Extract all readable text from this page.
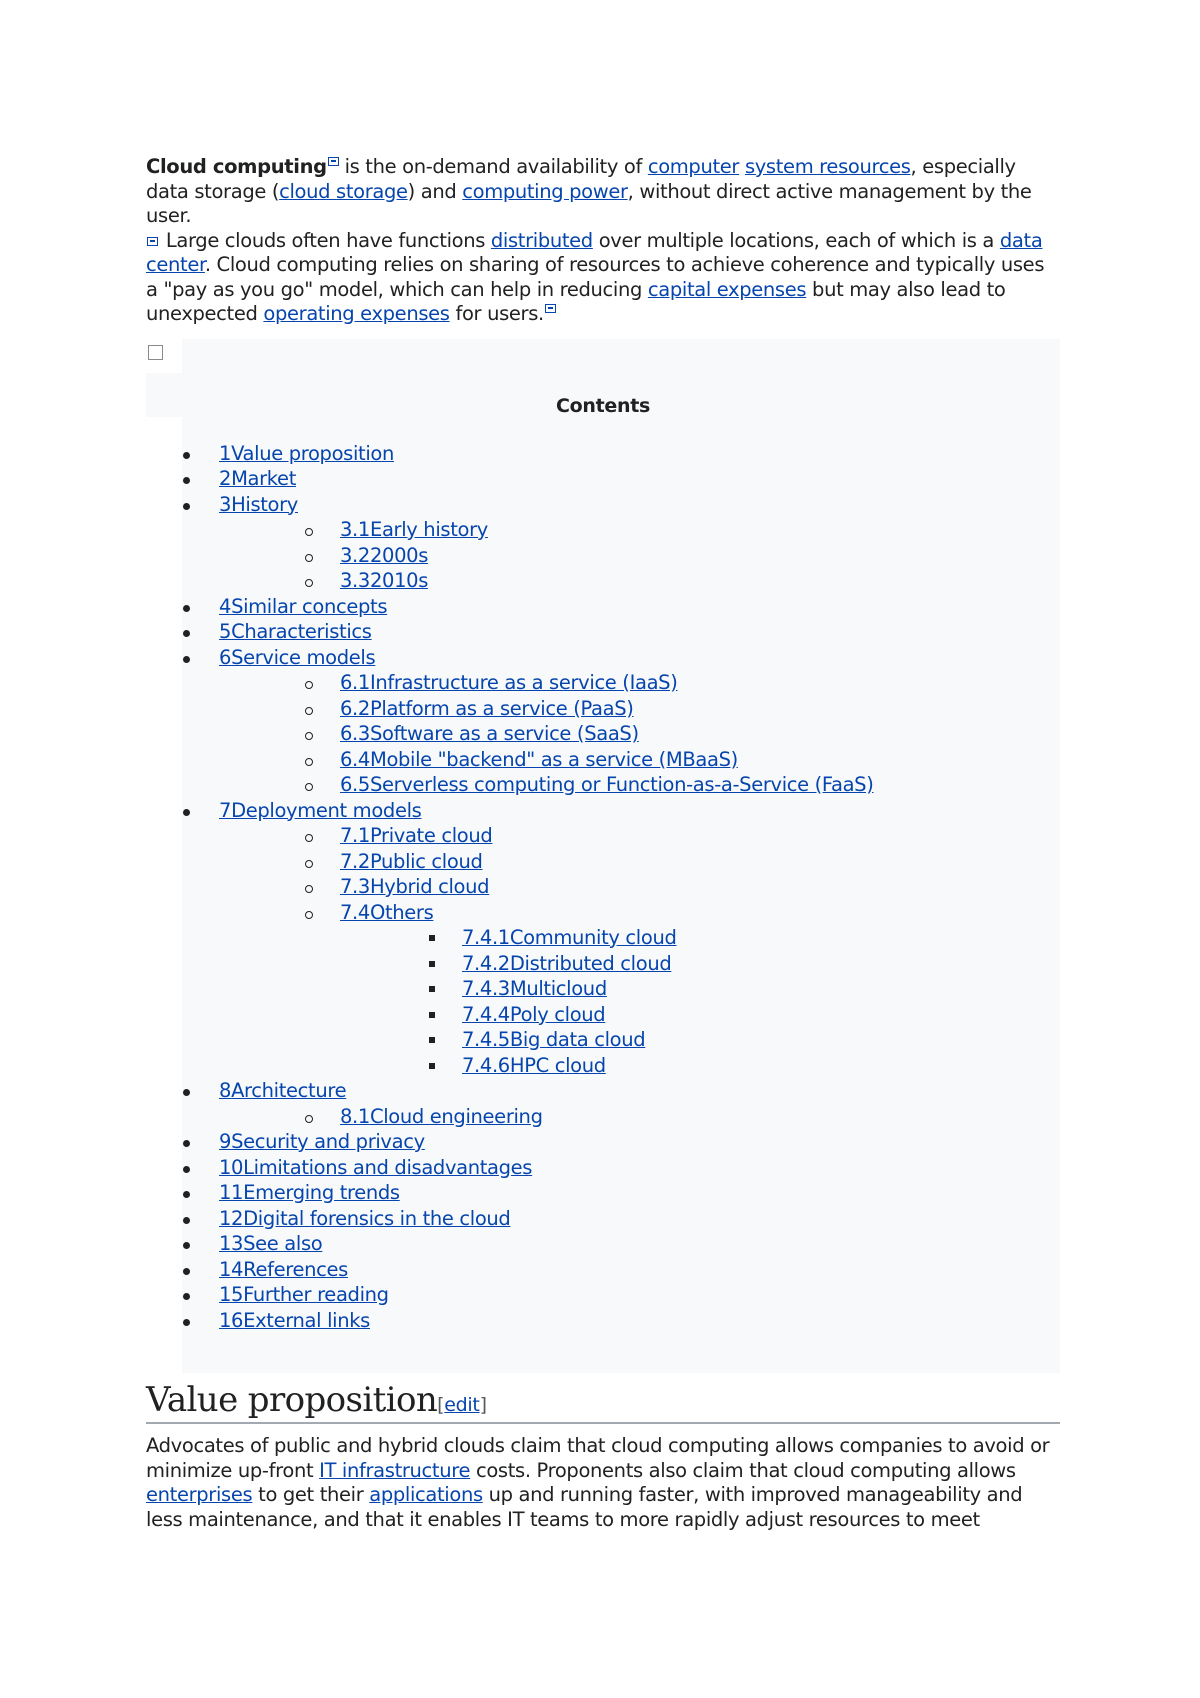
Cloud computing is the on-demand availability of computer system resources, especially data storage (cloud storage) and computing power, without direct active management by the user.
Large clouds often have functions distributed over multiple locations, each of which is a data center. Cloud computing relies on sharing of resources to achieve coherence and typically uses a "pay as you go" model, which can help in reducing capital expenses but may also lead to unexpected operating expenses for users.

Contents
1Value proposition
2Market
3History
3.1Early history
3.22000s
3.32010s
4Similar concepts
5Characteristics
6Service models
6.1Infrastructure as a service (IaaS)
6.2Platform as a service (PaaS)
6.3Software as a service (SaaS)
6.4Mobile "backend" as a service (MBaaS)
6.5Serverless computing or Function-as-a-Service (FaaS)
7Deployment models
7.1Private cloud
7.2Public cloud
7.3Hybrid cloud
7.4Others
7.4.1Community cloud
7.4.2Distributed cloud
7.4.3Multicloud
7.4.4Poly cloud
7.4.5Big data cloud
7.4.6HPC cloud
8Architecture
8.1Cloud engineering
9Security and privacy
10Limitations and disadvantages
11Emerging trends
12Digital forensics in the cloud
13See also
14References
15Further reading
16External links
Value proposition[edit]

Advocates of public and hybrid clouds claim that cloud computing allows companies to avoid or minimize up-front IT infrastructure costs. Proponents also claim that cloud computing allows enterprises to get their applications up and running faster, with improved manageability and less maintenance, and that it enables IT teams to more rapidly adjust resources to meet
